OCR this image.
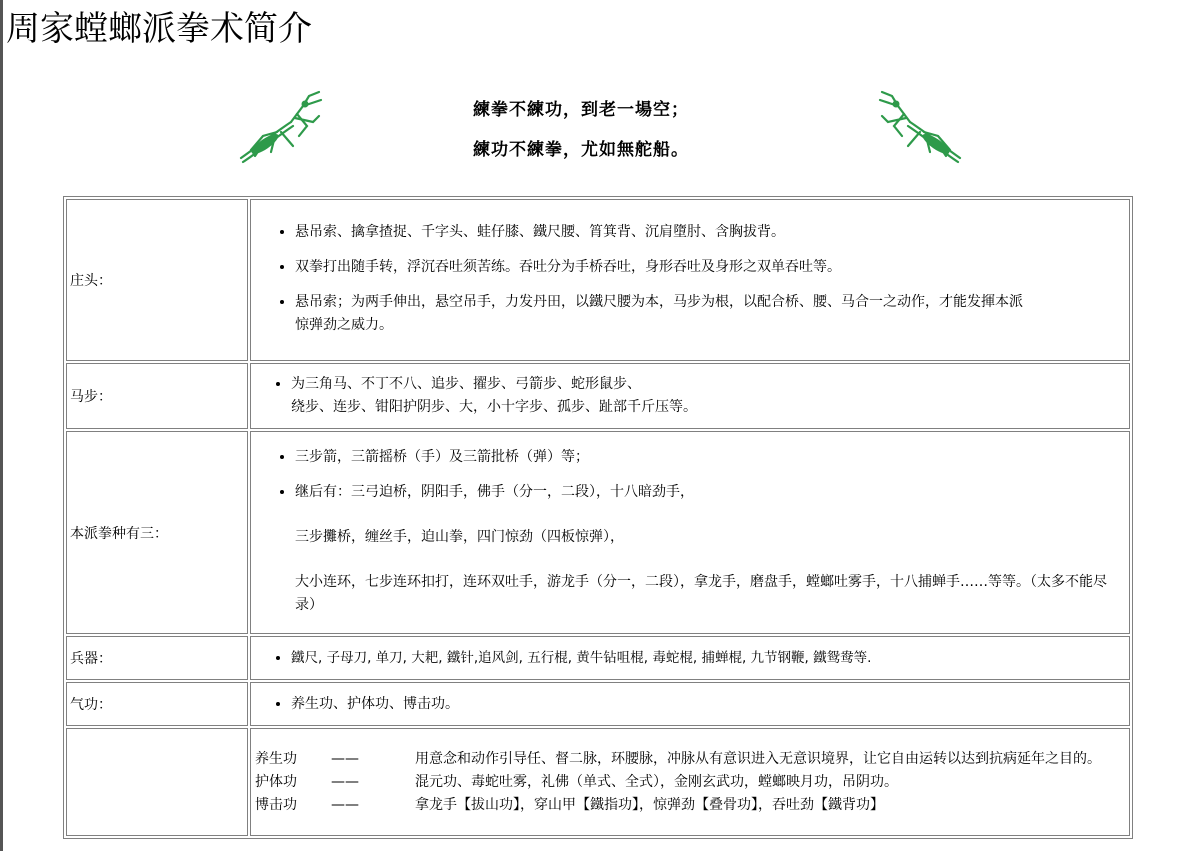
周家螳螂派拳术简介
練拳不練功，到老一場空；
練功不練拳，尤如無舵船。
庄头：	
• 悬吊索、擒拿揸捉、千字头、蛙仔膝、鐵尺腰、筲箕背、沉肩墮肘、含胸拔背。
• 双拳打出随手转，浮沉吞吐须苦练。吞吐分为手桥吞吐，身形吞吐及身形之双单吞吐等。
• 悬吊索；为两手伸出，悬空吊手，力发丹田，以鐵尺腰为本，马步为根，以配合桥、腰、马合一之动作，才能发揮本派惊弹劲之威力。

马步：	
• 为三角马、不丁不八、追步、擢步、弓箭步、蛇形鼠步、
绕步、连步、钳阳护阴步、大，小十字步、孤步、趾部千斤压等。

本派拳种有三：	
• 三步箭，三箭摇桥（手）及三箭批桥（弹）等；
• 继后有：三弓迫桥，阴阳手，佛手（分一，二段），十八暗劲手，
三步攤桥，缠丝手，迫山拳，四门惊劲（四板惊弹），
大小连环，七步连环扣打，连环双吐手，游龙手（分一，二段），拿龙手，磨盘手，螳螂吐雾手，十八捕蝉手……等等。（太多不能尽录）

兵器：	
•鐵尺, 子母刀, 单刀, 大耙, 鐵针,追风剑, 五行棍, 黄牛钻咀棍, 毒蛇棍, 捕蝉棍, 九节钢鞭, 鐵鸳鸯等.

气功：	
•养生功、护体功、博击功。

养生功	——	用意念和动作引导任、督二脉，环腰脉，冲脉从有意识进入无意识境界，让它自由运转以达到抗病延年之目的。
护体功	——	混元功、毒蛇吐雾，礼佛（单式、全式），金刚玄武功，螳螂映月功，吊阴功。
博击功	——	拿龙手【拔山功】，穿山甲【鐵指功】，惊弹劲【叠骨功】，吞吐劲【鐵背功】
